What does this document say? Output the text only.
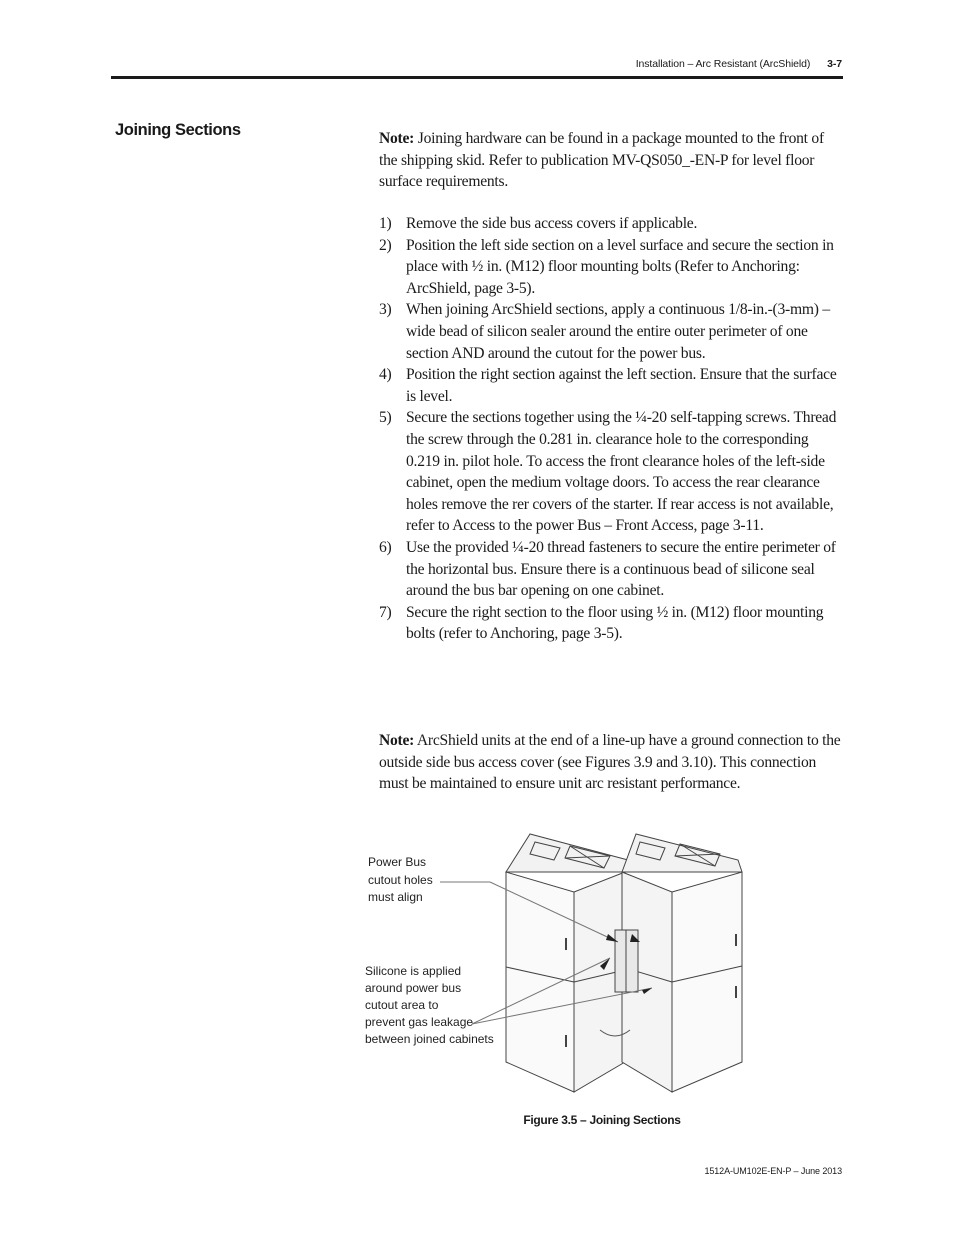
Installation – Arc Resistant (ArcShield) 3-7
Joining Sections	Note: Joining hardware can be found in a package mounted to the front of the shipping skid. Refer to publication MV-QS050_-EN-P for level floor surface requirements.
1) Remove the side bus access covers if applicable.
2) Position the left side section on a level surface and secure the section in place with ½ in. (M12) floor mounting bolts (Refer to Anchoring: ArcShield, page 3-5).
3) When joining ArcShield sections, apply a continuous 1/8-in.-(3-mm) – wide bead of silicon sealer around the entire outer perimeter of one section AND around the cutout for the power bus.
4) Position the right section against the left section. Ensure that the surface is level.
5) Secure the sections together using the ¼-20 self-tapping screws. Thread the screw through the 0.281 in. clearance hole to the corresponding 0.219 in. pilot hole. To access the front clearance holes of the left-side cabinet, open the medium voltage doors. To access the rear clearance holes remove the rer covers of the starter. If rear access is not available, refer to Access to the power Bus – Front Access, page 3-11.
6) Use the provided ¼-20 thread fasteners to secure the entire perimeter of the horizontal bus. Ensure there is a continuous bead of silicone seal around the bus bar opening on one cabinet.
7) Secure the right section to the floor using ½ in. (M12) floor mounting bolts (refer to Anchoring, page 3-5).
Note: ArcShield units at the end of a line-up have a ground connection to the outside side bus access cover (see Figures 3.9 and 3.10). This connection must be maintained to ensure unit arc resistant performance.
Power Bus
cutout holes
must align
Silicone is applied
around power bus
cutout area to
prevent gas leakage
between joined cabinets
Figure 3.5 – Joining Sections
1512A-UM102E-EN-P – June 2013
